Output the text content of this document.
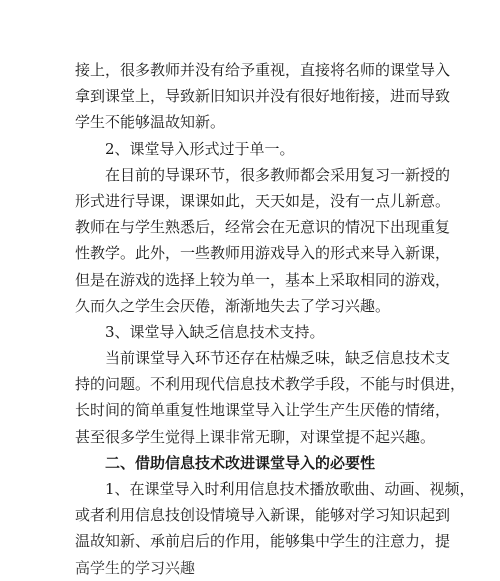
接上，很多教师并没有给予重视，直接将名师的课堂导入
拿到课堂上，导致新旧知识并没有很好地衔接，进而导致
学生不能够温故知新。
2、课堂导入形式过于单一。
在目前的导课环节，很多教师都会采用复习一新授的
形式进行导课，课课如此，天天如是，没有一点儿新意。
教师在与学生熟悉后，经常会在无意识的情况下出现重复
性教学。此外，一些教师用游戏导入的形式来导入新课，
但是在游戏的选择上较为单一，基本上采取相同的游戏，
久而久之学生会厌倦，渐渐地失去了学习兴趣。
3、课堂导入缺乏信息技术支持。
当前课堂导入环节还存在枯燥乏味，缺乏信息技术支
持的问题。不利用现代信息技术教学手段，不能与时俱进，
长时间的简单重复性地课堂导入让学生产生厌倦的情绪，
甚至很多学生觉得上课非常无聊，对课堂提不起兴趣。
二、借助信息技术改进课堂导入的必要性
1、在课堂导入时利用信息技术播放歌曲、动画、视频，
或者利用信息技创设情境导入新课，能够对学习知识起到
温故知新、承前启后的作用，能够集中学生的注意力，提
高学生的学习兴趣
